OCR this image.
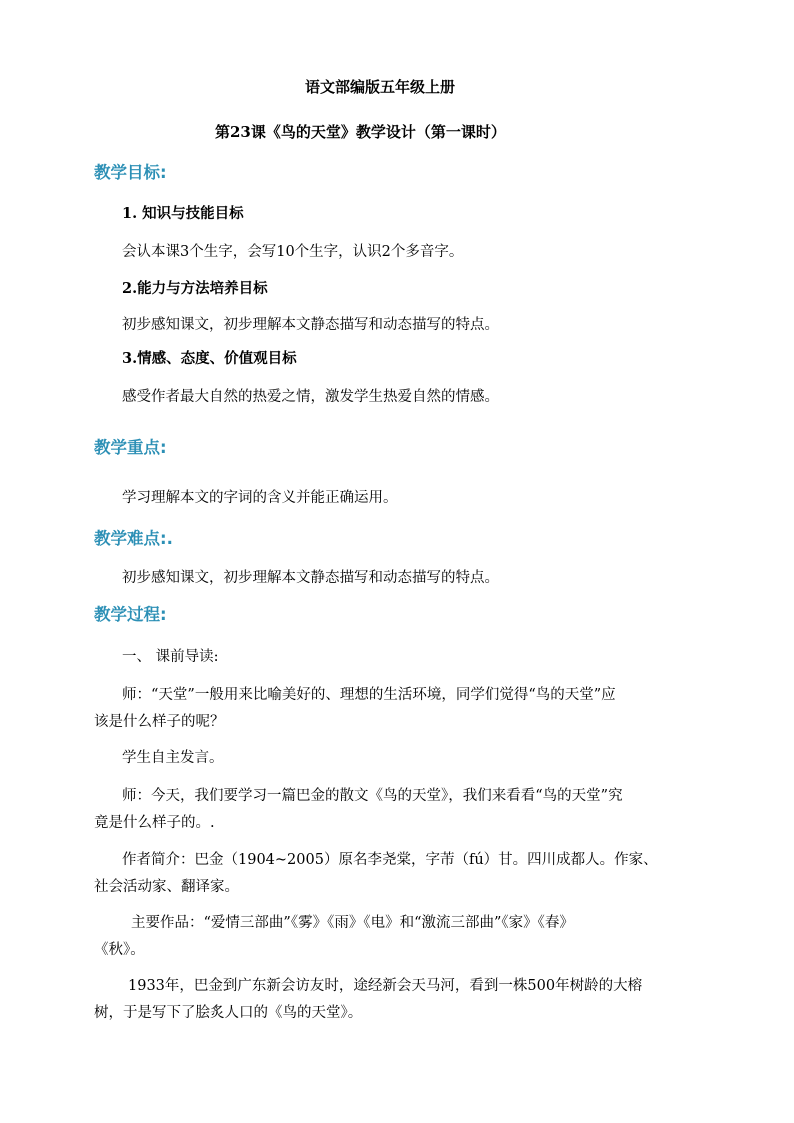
语文部编版五年级上册
第23课《鸟的天堂》教学设计（第一课时）
教学目标:
1. 知识与技能目标
会认本课3个生字，会写10个生字，认识2个多音字。
2.能力与方法培养目标
初步感知课文，初步理解本文静态描写和动态描写的特点。
3.情感、态度、价值观目标
感受作者最大自然的热爱之情，激发学生热爱自然的情感。
教学重点:
学习理解本文的字词的含义并能正确运用。
教学难点:.
初步感知课文，初步理解本文静态描写和动态描写的特点。
教学过程:
一、 课前导读:
师：“天堂”一般用来比喻美好的、理想的生活环境，同学们觉得“鸟的天堂”应
该是什么样子的呢？
学生自主发言。
师：今天，我们要学习一篇巴金的散文《鸟的天堂》，我们来看看“鸟的天堂”究
竟是什么样子的。.
作者简介：巴金（1904~2005）原名李尧棠，字芾（fú）甘。四川成都人。作家、
社会活动家、翻译家。
主要作品：“爱情三部曲”《雾》《雨》《电》和“激流三部曲”《家》《春》
《秋》。
1933年，巴金到广东新会访友时，途经新会天马河，看到一株500年树龄的大榕
树，于是写下了脍炙人口的《鸟的天堂》。
